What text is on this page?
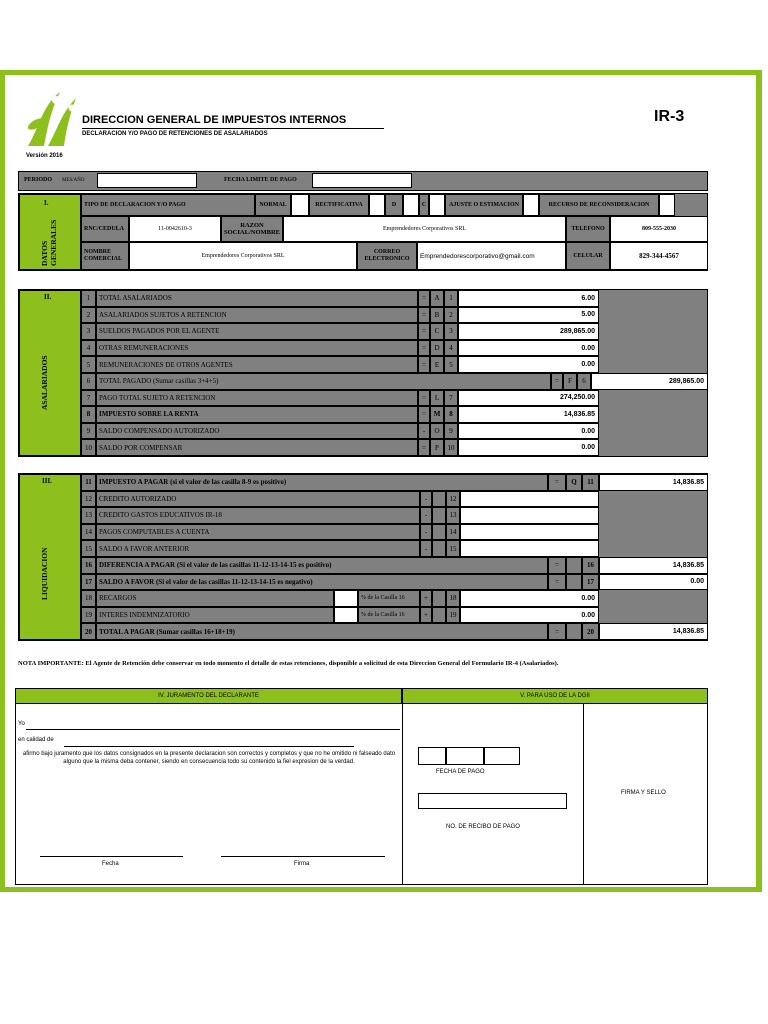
DIRECCION GENERAL DE IMPUESTOS INTERNOS
DECLARACION Y/O PAGO DE RETENCIONES DE ASALARIADOS
IR-3
Versión 2016
PERIODO MES/AÑO	FECHA LIMITE DE PAGO
I.
DATOS GENERALES
TIPO DE DECLARACION Y/O PAGO	NORMAL	RECTIFICATIVA	D	C	AJUSTE O ESTIMACION	RECURSO DE RECONSIDERACION
RNC/CEDULA	11-0042610-3	RAZON SOCIAL/NOMBRE	Emprendedores Corporativos SRL	TELEFONO	809-555-2030
NOMBRE COMERCIAL	Emprendedores Corporativos SRL
CORREO ELECTRONICO	Emprendedorescorporativo@gmail.com	CELULAR	829-344-4567
II.
ASALARIADOS
1	TOTAL ASALARIADOS	=	A	1	6.00
2	ASALARIADOS SUJETOS A RETENCION	=	B	2	5.00
3	SUELDOS PAGADOS POR EL AGENTE	=	C	3	289,865.00
4	OTRAS REMUNERACIONES	=	D	4	0.00
5	REMUNERACIONES DE OTROS AGENTES	=	E	5	0.00
6	TOTAL PAGADO (Sumar casillas 3+4+5)	=	F	6	289,865.00
7	PAGO TOTAL SUJETO A RETENCION	=	L	7	274,250.00
8	IMPUESTO SOBRE LA RENTA	=	M	8	14,836.85
9	SALDO COMPENSADO AUTORIZADO	-	O	9	0.00
10	SALDO POR COMPENSAR	=	P	10	0.00
III.
LIQUIDACION
11	IMPUESTO A PAGAR (si el valor de las casilla 8-9 es positivo)	=	Q	11	14,836.85
12	CREDITO AUTORIZADO	-	12
13	CREDITO GASTOS EDUCATIVOS IR-18	-	13
14	PAGOS COMPUTABLES A CUENTA	-	14
15	SALDO A FAVOR ANTERIOR	-	15
16	DIFERENCIA A PAGAR (Si el valor de las casillas 11-12-13-14-15 es positivo)	=	16	14,836.85
17	SALDO A FAVOR (Si el valor de las casillas 11-12-13-14-15 es negativo)	=	17	0.00
18	RECARGOS	% de la Casilla 16	+	18	0.00
19	INTERES INDEMNIZATORIO	% de la Casilla 16	+	19	0.00
20	TOTAL A PAGAR (Sumar casillas 16+18+19)	=	20	14,836.85
NOTA IMPORTANTE: El Agente de Retención debe conservar en todo momento el detalle de estas retenciones, disponible a solicitud de esta Direccion General del Formulario IR-4 (Asalariados).
IV. JURAMENTO DEL DECLARANTE	V. PARA USO DE LA DGII
Yo
en calidad de
afirmo bajo juramento que los datos consignados en la presente declaracion son correctos y completos y que no he omitido ni falseado dato alguno que la misma deba contener, siendo en consecuencia todo su contenido la fiel expresion de la verdad.
Fecha	Firma
FECHA DE PAGO
NO. DE RECIBO DE PAGO
FIRMA Y SELLO
